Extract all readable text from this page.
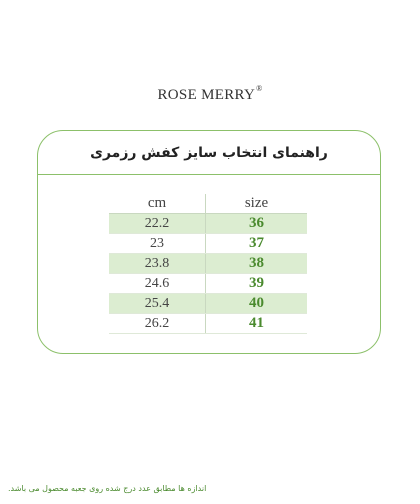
ROSE MERRY®
راهنمای انتخاب سایز کفش رزمری
cm	size
22.2	36
23	37
23.8	38
24.6	39
25.4	40
26.2	41
اندازه ها مطابق عدد درج شده روی جعبه محصول می باشد.
